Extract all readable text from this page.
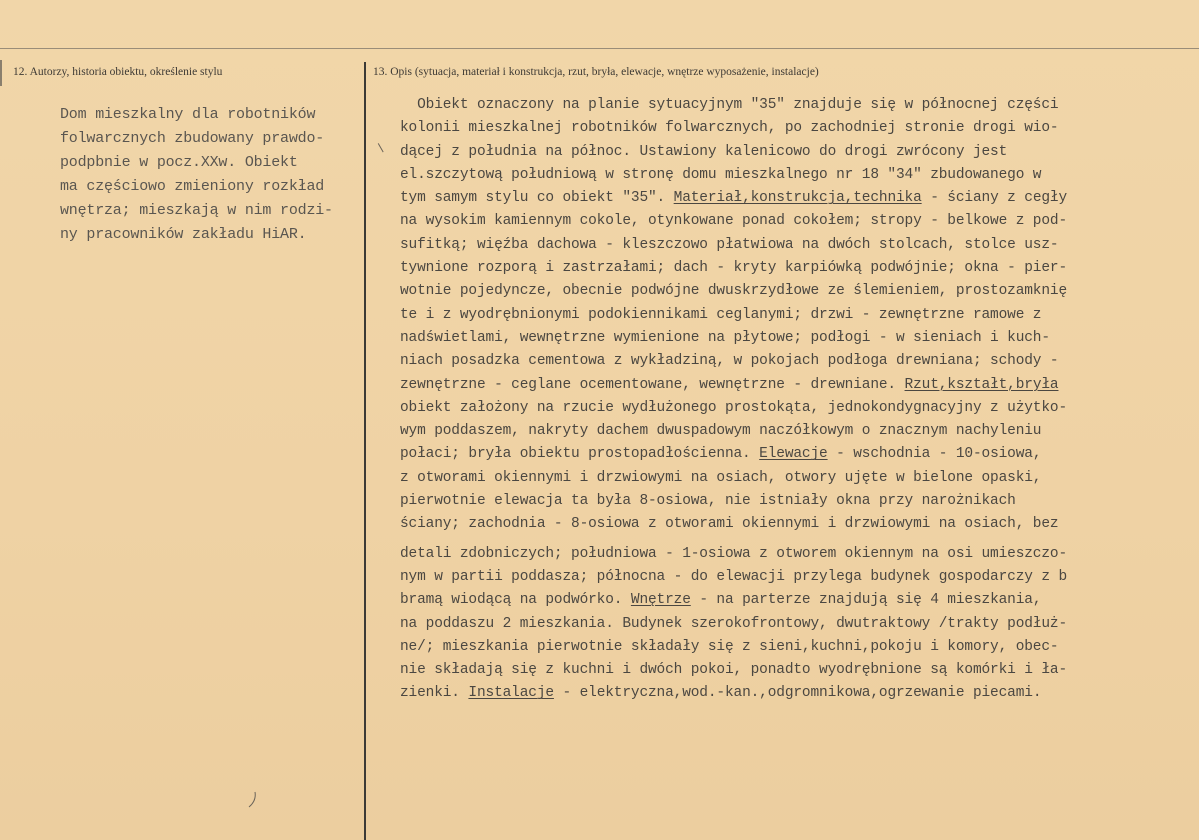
12. Autorzy, historia obiektu, określenie stylu	13. Opis (sytuacja, materiał i konstrukcja, rzut, bryła, elewacje, wnętrze wyposażenie, instalacje)
Dom mieszkalny dla robotników
folwarcznych zbudowany prawdo-
podpbnie w pocz.XXw. Obiekt
ma częściowo zmieniony rozkład
wnętrza; mieszkają w nim rodzi-
ny pracowników zakładu HiAR.
Obiekt oznaczony na planie sytuacyjnym "35" znajduje się w północnej części
kolonii mieszkalnej robotników folwarcznych, po zachodniej stronie drogi wio-
dącej z południa na północ. Ustawiony kalenicowo do drogi zwrócony jest
el.szczytową południową w stronę domu mieszkalnego nr 18 "34" zbudowanego w
tym samym stylu co obiekt "35". Materiał,konstrukcja,technika - ściany z cegły
na wysokim kamiennym cokole, otynkowane ponad cokołem; stropy - belkowe z pod-
sufitką; więźba dachowa - kleszczowo płatwiowa na dwóch stolcach, stolce usz-
tywnione rozporą i zastrzałami; dach - kryty karpiówką podwójnie; okna - pier-
wotnie pojedyncze, obecnie podwójne dwuskrzydłowe ze ślemieniem, prostozamknię
te i z wyodrębnionymi podokiennikami ceglanymi; drzwi - zewnętrzne ramowe z
nadświetlami, wewnętrzne wymienione na płytowe; podłogi - w sieniach i kuch-
niach posadzka cementowa z wykładziną, w pokojach podłoga drewniana; schody -
zewnętrzne - ceglane ocementowane, wewnętrzne - drewniane. Rzut,kształt,bryła
obiekt założony na rzucie wydłużonego prostokąta, jednokondygnacyjny z użytko-
wym poddaszem, nakryty dachem dwuspadowym naczółkowym o znacznym nachyleniu
połaci; bryła obiektu prostopadłościenna. Elewacje - wschodnia - 10-osiowa,
z otworami okiennymi i drzwiowymi na osiach, otwory ujęte w bielone opaski,
pierwotnie elewacja ta była 8-osiowa, nie istniały okna przy narożnikach
ściany; zachodnia - 8-osiowa z otworami okiennymi i drzwiowymi na osiach, bez
detali zdobniczych; południowa - 1-osiowa z otworem okiennym na osi umieszczo-
nym w partii poddasza; północna - do elewacji przylega budynek gospodarczy z b
bramą wiodącą na podwórko. Wnętrze - na parterze znajdują się 4 mieszkania,
na poddaszu 2 mieszkania. Budynek szerokofrontowy, dwutraktowy /trakty podłuż-
ne/; mieszkania pierwotnie składały się z sieni,kuchni,pokoju i komory, obec-
nie składają się z kuchni i dwóch pokoi, ponadto wyodrębnione są komórki i ła-
zienki. Instalacje - elektryczna,wod.-kan.,odgromnikowa,ogrzewanie piecami.
